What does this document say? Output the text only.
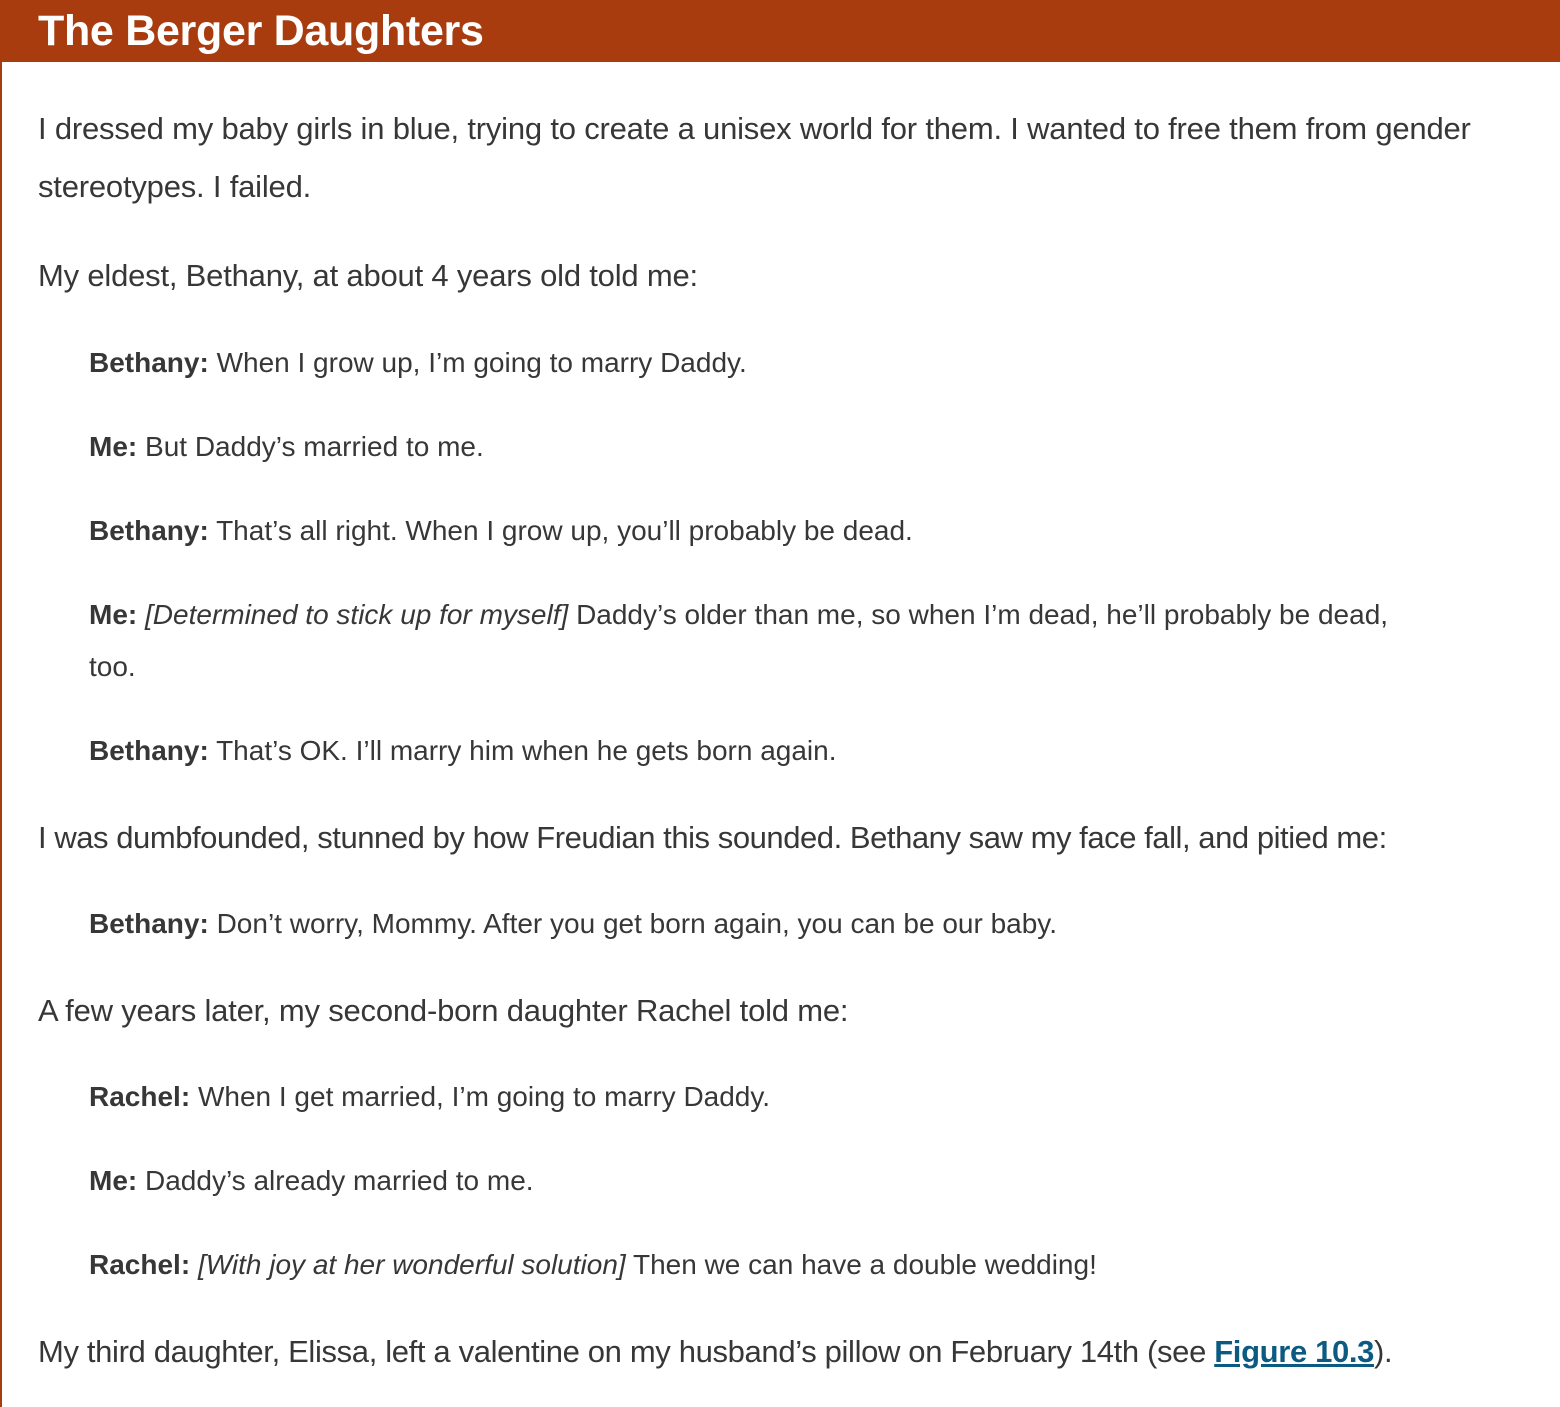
The Berger Daughters

I dressed my baby girls in blue, trying to create a unisex world for them. I wanted to free them from gender stereotypes. I failed.

My eldest, Bethany, at about 4 years old told me:

Bethany: When I grow up, I’m going to marry Daddy.

Me: But Daddy’s married to me.

Bethany: That’s all right. When I grow up, you’ll probably be dead.

Me: [Determined to stick up for myself] Daddy’s older than me, so when I’m dead, he’ll probably be dead, too.

Bethany: That’s OK. I’ll marry him when he gets born again.

I was dumbfounded, stunned by how Freudian this sounded. Bethany saw my face fall, and pitied me:

Bethany: Don’t worry, Mommy. After you get born again, you can be our baby.

A few years later, my second-born daughter Rachel told me:

Rachel: When I get married, I’m going to marry Daddy.

Me: Daddy’s already married to me.

Rachel: [With joy at her wonderful solution] Then we can have a double wedding!

My third daughter, Elissa, left a valentine on my husband’s pillow on February 14th (see Figure 10.3).
